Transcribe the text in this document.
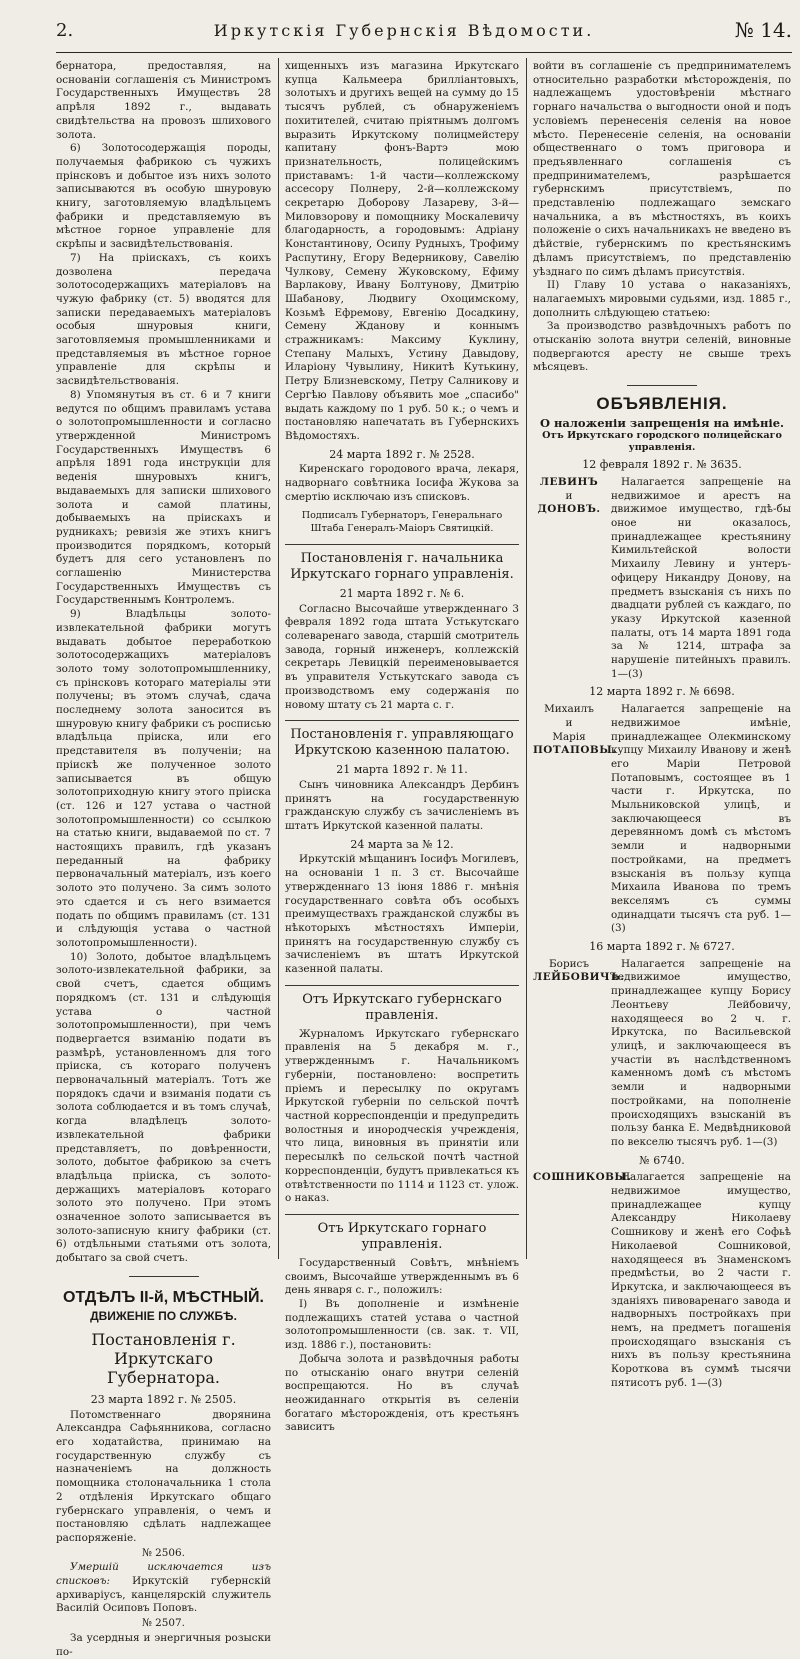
2.	Иркутскія Губернскія Вѣдомости.	№ 14.

бернатора, предоставляя, на основаніи соглашенія съ Министромъ Государственныхъ Имуществъ 28 апрѣля 1892 г., выдавать свидѣтельства на провозъ шлихового золота.

6) Золотосодержащія породы, получаемыя фабрикою съ чужихъ прінсковъ и добытое изъ нихъ золото записываются въ особую шнуровую книгу, заготовляемую владѣльцемъ фабрики и представляемую въ мѣстное горное управленіе для скрѣпы и засвидѣтельствованія.

7) На пріискахъ, съ коихъ дозволена передача золотосодержащихъ матеріаловъ на чужую фабрику (ст. 5) вводятся для записки передаваемыхъ матеріаловъ особыя шнуровыя книги, заготовляемыя промышленниками и представляемыя въ мѣстное горное управленіе для скрѣпы и засвидѣтельствованія.

8) Упомянутыя въ ст. 6 и 7 книги ведутся по общимъ правиламъ устава о золотопромышленности и согласно утвержденной Министромъ Государственныхъ Имуществъ 6 апрѣля 1891 года инструкціи для веденія шнуровыхъ книгъ, выдаваемыхъ для записки шлихового золота и самой платины, добываемыхъ на пріискахъ и рудникахъ; ревизія же этихъ книгъ производится порядкомъ, который будетъ для сего установленъ по соглашенію Министерства Государственныхъ Имуществъ съ Государственнымъ Контролемъ.

9) Владѣльцы золото-извлекательной фабрики могутъ выдавать добытое переработкою золотосодержащихъ матеріаловъ золото тому золотопромышленнику, съ прінсковъ котораго матеріалы эти получены; въ этомъ случаѣ, сдача последнему золота заносится въ шнуровую книгу фабрики съ росписью владѣльца пріиска, или его представителя въ полученіи; на пріискѣ же полученное золото записывается въ общую золотоприходную книгу этого пріиска (ст. 126 и 127 устава о частной золотопромышленности) со ссылкою на статью книги, выдаваемой по ст. 7 настоящихъ правилъ, гдѣ указанъ переданный на фабрику первоначальный матеріалъ, изъ коего золото это получено. За симъ золото это сдается и съ него взимается подать по общимъ правиламъ (ст. 131 и слѣдующія устава о частной золотопромышленности).

10) Золото, добытое владѣльцемъ золото-извлекательной фабрики, за свой счетъ, сдается общимъ порядкомъ (ст. 131 и слѣдующія устава о частной золотопромышленности), при чемъ подвергается взиманію подати въ размѣрѣ, установленномъ для того пріиска, съ котораго полученъ первоначальный матеріалъ. Тотъ же порядокъ сдачи и взиманія подати съ золота соблюдается и въ томъ случаѣ, когда владѣлецъ золото-извлекательной фабрики представляетъ, по довѣренности, золото, добытое фабрикою за счетъ владѣльца пріиска, съ золото-держащихъ матеріаловъ котораго золото это получено. При этомъ означенное золото записывается въ золото-записную книгу фабрики (ст. 6) отдѣльными статьями отъ золота, добытаго за свой счетъ.

ОТДѢЛЪ II-й, МѢСТНЫЙ.
ДВИЖЕНІЕ ПО СЛУЖБѢ.
Постановленія г. Иркутскаго Губернатора.

23 марта 1892 г. № 2505.

Потомственнаго дворянина Александра Сафьянникова, согласно его ходатайства, принимаю на государственную службу съ назначеніемъ на должность помощника столоначальника 1 стола 2 отдѣленія Иркутскаго общаго губернскаго управленія, о чемъ и постановляю сдѣлать надлежащее распоряженіе.

№ 2506.

Умершій исключается изъ списковъ: Иркутскій губернскій архиваріусъ, канцелярскій служитель Василій Осиповъ Поповъ.

№ 2507.

За усердныя и энергичныя розыски по-

хищенныхъ изъ магазина Иркутскаго купца Кальмеера брилліантовыхъ, золотыхъ и другихъ вещей на сумму до 15 тысячъ рублей, съ обнаруженіемъ похитителей, считаю пріятнымъ долгомъ выразить Иркутскому полицмейстеру капитану фонъ-Вартэ мою признательность, полицейскимъ приставамъ: 1-й части—коллежскому ассесору Полнеру, 2-й—коллежскому секретарю Доборову Лазареву, 3-й—Миловзорову и помощнику Москалевичу благодарность, а городовымъ: Адріану Константинову, Осипу Рудныхъ, Трофиму Распутину, Егору Ведерникову, Савелію Чулкову, Семену Жуковскому, Ефиму Варлакову, Ивану Болтунову, Дмитрію Шабанову, Людвигу Охоцимскому, Козьмѣ Ефремову, Евгенію Досадкину, Семену Жданову и коннымъ стражникамъ: Максиму Куклину, Степану Малыхъ, Устину Давыдову, Иларіону Чувылину, Никитѣ Кутькину, Петру Близневскому, Петру Салникову и Сергѣю Павлову объявить мое „спасибо" выдать каждому по 1 руб. 50 к.; о чемъ и постановляю напечатать въ Губернскихъ Вѣдомостяхъ.

24 марта 1892 г. № 2528.

Киренскаго городового врача, лекаря, надворнаго совѣтника Іосифа Жукова за смертію исключаю изъ списковъ.

Подписалъ Губернаторъ, Генеральнаго Штаба Генералъ-Маіоръ Святицкій.

Постановленія г. начальника Иркутскаго горнаго управленія.

21 марта 1892 г. № 6.

Согласно Высочайше утвержденнаго 3 февраля 1892 года штата Устькутскаго солеваренаго завода, старшій смотритель завода, горный инженеръ, коллежскій секретарь Левицкій переименовывается въ управителя Устькутскаго завода съ производствомъ ему содержанія по новому штату съ 21 марта с. г.

Постановленія г. управляющаго Иркутскою казенною палатою.

21 марта 1892 г. № 11.

Сынъ чиновника Александръ Дербинъ принятъ на государственную гражданскую службу съ зачисленіемъ въ штатъ Иркутской казенной палаты.

24 марта за № 12.

Иркутскій мѣщанинъ Іосифъ Могилевъ, на основаніи 1 п. 3 ст. Высочайше утвержденнаго 13 іюня 1886 г. мнѣнія государственнаго совѣта объ особыхъ преимуществахъ гражданской службы въ нѣкоторыхъ мѣстностяхъ Имперіи, принятъ на государственную службу съ зачисленіемъ въ штатъ Иркутской казенной палаты.

Отъ Иркутскаго губернскаго правленія.

Журналомъ Иркутскаго губернскаго правленія на 5 декабря м. г., утвержденнымъ г. Начальникомъ губерніи, постановлено: воспретить пріемъ и пересылку по округамъ Иркутской губерніи по сельской почтѣ частной корреспонденціи и предупредить волостныя и инородческія учрежденія, что лица, виновныя въ принятіи или пересылкѣ по сельской почтѣ частной корреспонденціи, будутъ привлекаться къ отвѣтственности по 1114 и 1123 ст. улож. о наказ.

Отъ Иркутскаго горнаго управленія.

Государственный Совѣтъ, мнѣніемъ своимъ, Высочайше утвержденнымъ въ 6 день января с. г., положилъ:

I) Въ дополненіе и измѣненіе подлежащихъ статей устава о частной золотопромышленности (св. зак. т. VII, изд. 1886 г.), постановить:

Добыча золота и развѣдочныя работы по отысканію онаго внутри селеній воспрещаются. Но въ случаѣ неожиданнаго открытія въ селеніи богатаго мѣсторожденія, отъ крестьянъ зависитъ

войти въ соглашеніе съ предпринимателемъ относительно разработки мѣсторожденія, по надлежащемъ удостовѣреніи мѣстнаго горнаго начальства о выгодности оной и подъ условіемъ перенесенія селенія на новое мѣсто. Перенесеніе селенія, на основаніи общественнаго о томъ приговора и предъявленнаго соглашенія съ предпринимателемъ, разрѣшается губернскимъ присутствіемъ, по представленію подлежащаго земскаго начальника, а въ мѣстностяхъ, въ коихъ положеніе о сихъ начальникахъ не введено въ дѣйствіе, губернскимъ по крестьянскимъ дѣламъ присутствіемъ, по представленію уѣзднаго по симъ дѣламъ присутствія.

II) Главу 10 устава о наказаніяхъ, налагаемыхъ мировыми судьями, изд. 1885 г., дополнить слѣдующею статьею:

За производство развѣдочныхъ работъ по отысканію золота внутри селеній, виновные подвергаются аресту не свыше трехъ мѣсяцевъ.

ОБЪЯВЛЕНІЯ.
О наложеніи запрещенія на имѣніе.
Отъ Иркутскаго городского полицейскаго управленія.

12 февраля 1892 г. № 3635.

ЛЕВИНЪ
и
ДОНОВЪ.

Налагается запрещеніе на недвижимое и арестъ на движимое имущество, гдѣ-бы оное ни оказалось, принадлежащее крестьянину Кимильтейской волости Михаилу Левину и унтеръ-офицеру Никандру Донову, на предметъ взысканія съ нихъ по двадцати рублей съ каждаго, по указу Иркутской казенной палаты, отъ 14 марта 1891 года за № 1214, штрафа за нарушеніе питейныхъ правилъ. 1—(3)

12 марта 1892 г. № 6698.

Михаилъ
и
Марія
ПОТАПОВЫ.

Налагается запрещеніе на недвижимое имѣніе, принадлежащее Олекминскому купцу Михаилу Иванову и женѣ его Маріи Петровой Потаповымъ, состоящее въ 1 части г. Иркутска, по Мыльниковской улицѣ, и заключающееся въ деревянномъ домѣ съ мѣстомъ земли и надворными постройками, на предметъ взысканія въ пользу купца Михаила Иванова по тремъ векселямъ съ суммы одинадцати тысячъ ста руб. 1—(3)

16 марта 1892 г. № 6727.

Борисъ
ЛЕЙБОВИЧЪ.

Налагается запрещеніе на недвижимое имущество, принадлежащее купцу Борису Леонтьеву Лейбовичу, находящееся во 2 ч. г. Иркутска, по Васильевской улицѣ, и заключающееся въ участіи въ наслѣдственномъ каменномъ домѣ съ мѣстомъ земли и надворными постройками, на пополненіе происходящихъ взысканій въ пользу банка Е. Медвѣдниковой по векселю тысячъ руб. 1—(3)

№ 6740.

СОШНИКОВЫ.

Налагается запрещеніе на недвижимое имущество, принадлежащее купцу Александру Николаеву Сошникову и женѣ его Софьѣ Николаевой Сошниковой, находящееся въ Знаменскомъ предмѣстьи, во 2 части г. Иркутска, и заключающееся въ зданіяхъ пивоваренаго завода и надворныхъ постройкахъ при немъ, на предметъ погашенія происходящаго взысканія съ нихъ въ пользу крестьянина Короткова въ суммѣ тысячи пятисотъ руб. 1—(3)
